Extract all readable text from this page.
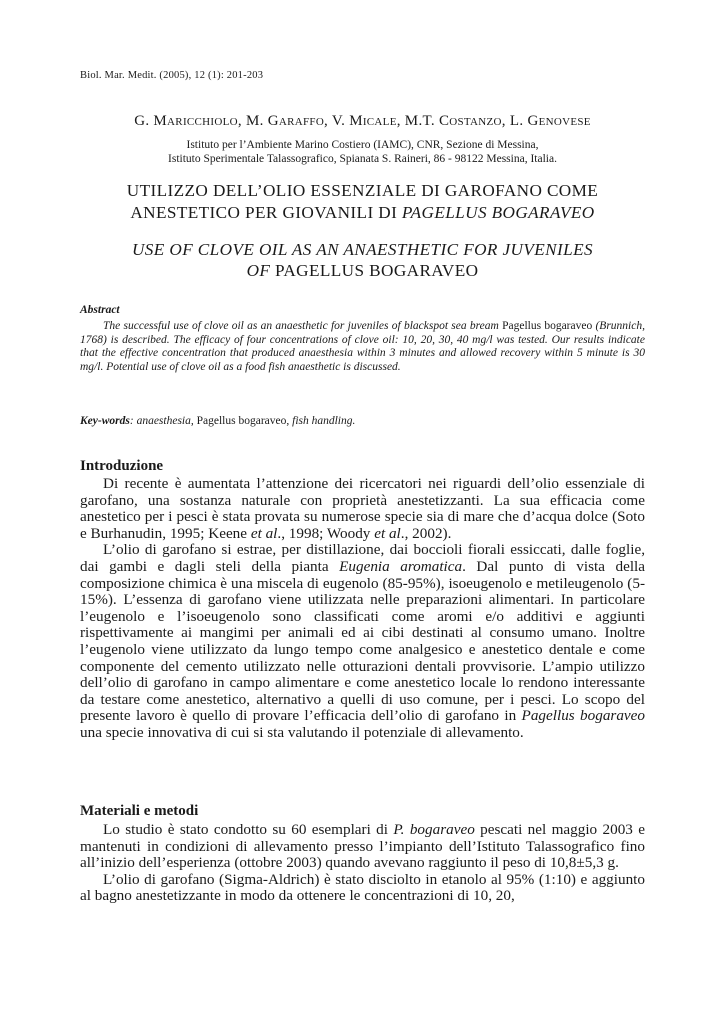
Biol. Mar. Medit. (2005), 12 (1): 201-203
G. Maricchiolo, M. Garaffo, V. Micale, M.T. Costanzo, L. Genovese
Istituto per l’Ambiente Marino Costiero (IAMC), CNR, Sezione di Messina,
Istituto Sperimentale Talassografico, Spianata S. Raineri, 86 - 98122 Messina, Italia.
UTILIZZO DELL’OLIO ESSENZIALE DI GAROFANO COME
ANESTETICO PER GIOVANILI DI PAGELLUS BOGARAVEO
USE OF CLOVE OIL AS AN ANAESTHETIC FOR JUVENILES
OF PAGELLUS BOGARAVEO
Abstract
The successful use of clove oil as an anaesthetic for juveniles of blackspot sea bream Pagellus bogaraveo (Brunnich, 1768) is described. The efficacy of four concentrations of clove oil: 10, 20, 30, 40 mg/l was tested. Our results indicate that the effective concentration that produced anaesthesia within 3 minutes and allowed recovery within 5 minute is 30 mg/l. Potential use of clove oil as a food fish anaesthetic is discussed.
Key-words: anaesthesia, Pagellus bogaraveo, fish handling.
Introduzione

Di recente è aumentata l’attenzione dei ricercatori nei riguardi dell’olio essenziale di garofano, una sostanza naturale con proprietà anestetizzanti. La sua efficacia come anestetico per i pesci è stata provata su numerose specie sia di mare che d’acqua dolce (Soto e Burhanudin, 1995; Keene et al., 1998; Woody et al., 2002).

L’olio di garofano si estrae, per distillazione, dai boccioli fiorali essiccati, dalle foglie, dai gambi e dagli steli della pianta Eugenia aromatica. Dal punto di vista della composizione chimica è una miscela di eugenolo (85-95%), isoeugenolo e metileugenolo (5-15%). L’essenza di garofano viene utilizzata nelle preparazioni alimentari. In particolare l’eugenolo e l’isoeugenolo sono classificati come aromi e/o additivi e aggiunti rispettivamente ai mangimi per animali ed ai cibi destinati al consumo umano. Inoltre l’eugenolo viene utilizzato da lungo tempo come analgesico e anestetico dentale e come componente del cemento utilizzato nelle otturazioni dentali provvisorie. L’ampio utilizzo dell’olio di garofano in campo alimentare e come anestetico locale lo rendono interessante da testare come anestetico, alternativo a quelli di uso comune, per i pesci. Lo scopo del presente lavoro è quello di provare l’efficacia dell’olio di garofano in Pagellus bogaraveo una specie innovativa di cui si sta valutando il potenziale di allevamento.

Materiali e metodi

Lo studio è stato condotto su 60 esemplari di P. bogaraveo pescati nel maggio 2003 e mantenuti in condizioni di allevamento presso l’impianto dell’Istituto Talassografico fino all’inizio dell’esperienza (ottobre 2003) quando avevano raggiunto il peso di 10,8±5,3 g.

L’olio di garofano (Sigma-Aldrich) è stato disciolto in etanolo al 95% (1:10) e aggiunto al bagno anestetizzante in modo da ottenere le concentrazioni di 10, 20,
